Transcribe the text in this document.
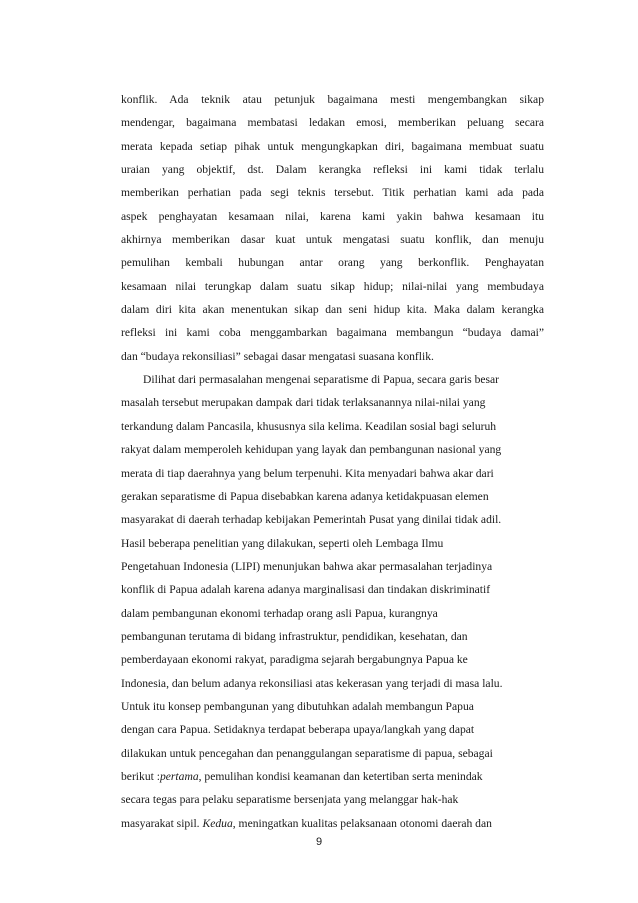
konflik. Ada teknik atau petunjuk bagaimana mesti mengembangkan sikap
mendengar, bagaimana membatasi ledakan emosi, memberikan peluang secara
merata kepada setiap pihak untuk mengungkapkan diri, bagaimana membuat suatu
uraian yang objektif, dst. Dalam kerangka refleksi ini kami tidak terlalu
memberikan perhatian pada segi teknis tersebut. Titik perhatian kami ada pada
aspek penghayatan kesamaan nilai, karena kami yakin bahwa kesamaan itu
akhirnya memberikan dasar kuat untuk mengatasi suatu konflik, dan menuju
pemulihan kembali hubungan antar orang yang berkonflik. Penghayatan
kesamaan nilai terungkap dalam suatu sikap hidup; nilai-nilai yang membudaya
dalam diri kita akan menentukan sikap dan seni hidup kita. Maka dalam kerangka
refleksi ini kami coba menggambarkan bagaimana membangun “budaya damai”
dan “budaya rekonsiliasi” sebagai dasar mengatasi suasana konflik.
Dilihat dari permasalahan mengenai separatisme di Papua, secara garis besar
masalah tersebut merupakan dampak dari tidak terlaksanannya nilai-nilai yang
terkandung dalam Pancasila, khususnya sila kelima. Keadilan sosial bagi seluruh
rakyat dalam memperoleh kehidupan yang layak dan pembangunan nasional yang
merata di tiap daerahnya yang belum terpenuhi. Kita menyadari bahwa akar dari
gerakan separatisme di Papua disebabkan karena adanya ketidakpuasan elemen
masyarakat di daerah terhadap kebijakan Pemerintah Pusat yang dinilai tidak adil.
Hasil beberapa penelitian yang dilakukan, seperti oleh Lembaga Ilmu
Pengetahuan Indonesia (LIPI) menunjukan bahwa akar permasalahan terjadinya
konflik di Papua adalah karena adanya marginalisasi dan tindakan diskriminatif
dalam pembangunan ekonomi terhadap orang asli Papua, kurangnya
pembangunan terutama di bidang infrastruktur, pendidikan, kesehatan, dan
pemberdayaan ekonomi rakyat, paradigma sejarah bergabungnya Papua ke
Indonesia, dan belum adanya rekonsiliasi atas kekerasan yang terjadi di masa lalu.
Untuk itu konsep pembangunan yang dibutuhkan adalah membangun Papua
dengan cara Papua. Setidaknya terdapat beberapa upaya/langkah yang dapat
dilakukan untuk pencegahan dan penanggulangan separatisme di papua, sebagai
berikut :pertama, pemulihan kondisi keamanan dan ketertiban serta menindak
secara tegas para pelaku separatisme bersenjata yang melanggar hak-hak
masyarakat sipil. Kedua, meningatkan kualitas pelaksanaan otonomi daerah dan
9
